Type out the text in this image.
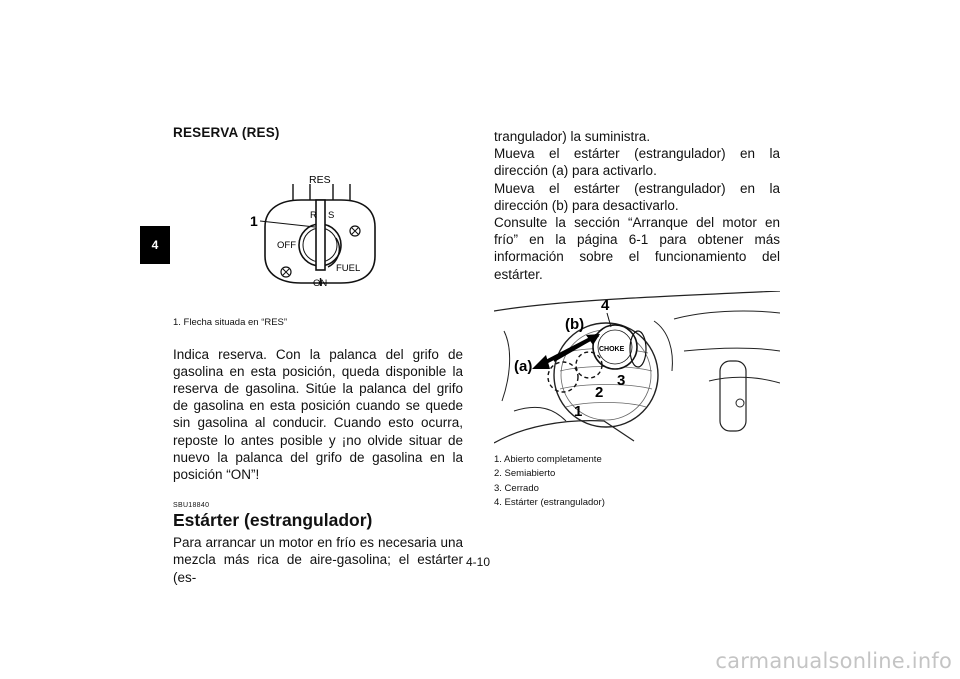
4
RESERVA (RES)
RES
R S
OFF
ON
FUEL
1
1. Flecha situada en “RES”
Indica reserva. Con la palanca del grifo de gasolina en esta posición, queda disponible la reserva de gasolina. Sitúe la palanca del grifo de gasolina en esta posición cuando se quede sin gasolina al conducir. Cuando esto ocurra, reposte lo antes posible y ¡no olvide situar de nuevo la palanca del grifo de gasolina en la posición “ON”!
SBU18840
Estárter (estrangulador)
Para arrancar un motor en frío es necesaria una mezcla más rica de aire-gasolina; el estárter (es-
trangulador) la suministra.
Mueva el estárter (estrangulador) en la dirección (a) para activarlo.
Mueva el estárter (estrangulador) en la dirección (b) para desactivarlo.
Consulte la sección “Arranque del motor en frío” en la página 6-1 para obtener más información sobre el funcionamiento del estárter.
CHOKE
(a)
(b)
4
3
2
1
1. Abierto completamente
2. Semiabierto
3. Cerrado
4. Estárter (estrangulador)
4-10
carmanualsonline.info
